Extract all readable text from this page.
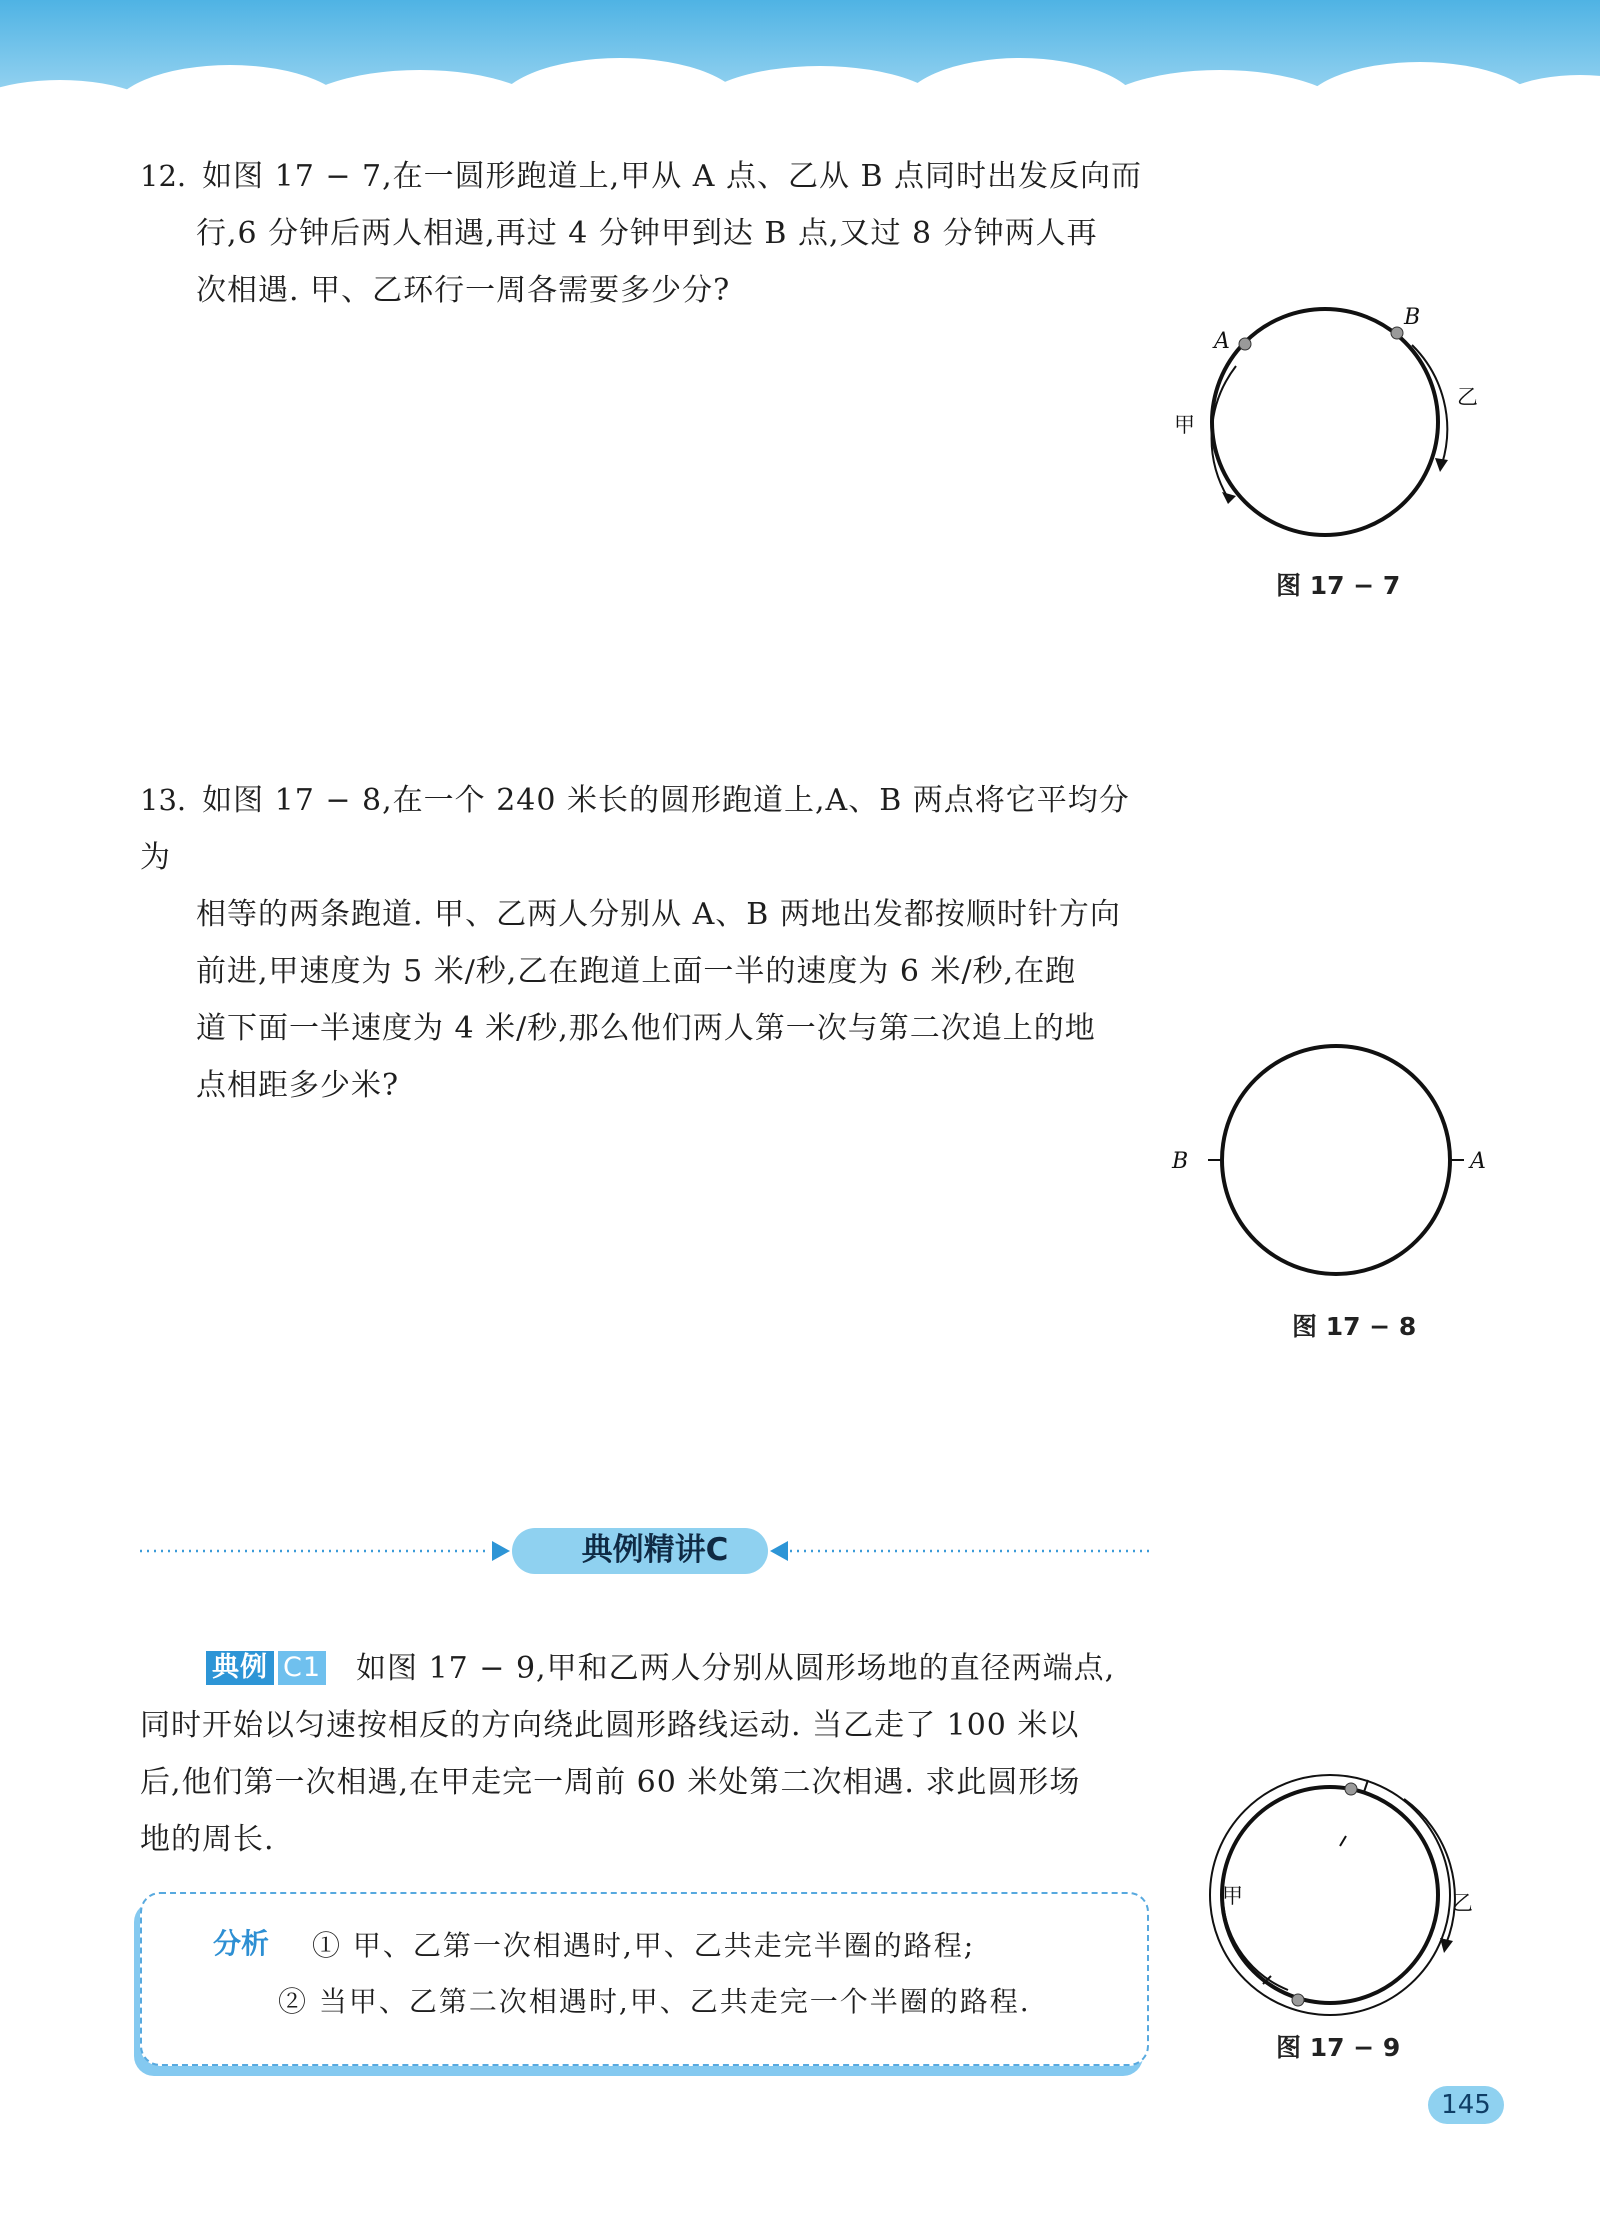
12.  如图 17 − 7,在一圆形跑道上,甲从 A 点、乙从 B 点同时出发反向而
行,6 分钟后两人相遇,再过 4 分钟甲到达 B 点,又过 8 分钟两人再
次相遇. 甲、乙环行一周各需要多少分?
A
B
甲
乙
图 17 − 7
13.  如图 17 − 8,在一个 240 米长的圆形跑道上,A、B 两点将它平均分为
相等的两条跑道. 甲、乙两人分别从 A、B 两地出发都按顺时针方向
前进,甲速度为 5 米/秒,乙在跑道上面一半的速度为 6 米/秒,在跑
道下面一半速度为 4 米/秒,那么他们两人第一次与第二次追上的地
点相距多少米?
B	A
图 17 − 8
典例精讲C
典例 C1 如图 17 − 9,甲和乙两人分别从圆形场地的直径两端点,
同时开始以匀速按相反的方向绕此圆形路线运动. 当乙走了 100 米以
后,他们第一次相遇,在甲走完一周前 60 米处第二次相遇. 求此圆形场
地的周长.
分析 ① 甲、乙第一次相遇时,甲、乙共走完半圈的路程;
② 当甲、乙第二次相遇时,甲、乙共走完一个半圈的路程.
甲	乙
图 17 − 9
145
